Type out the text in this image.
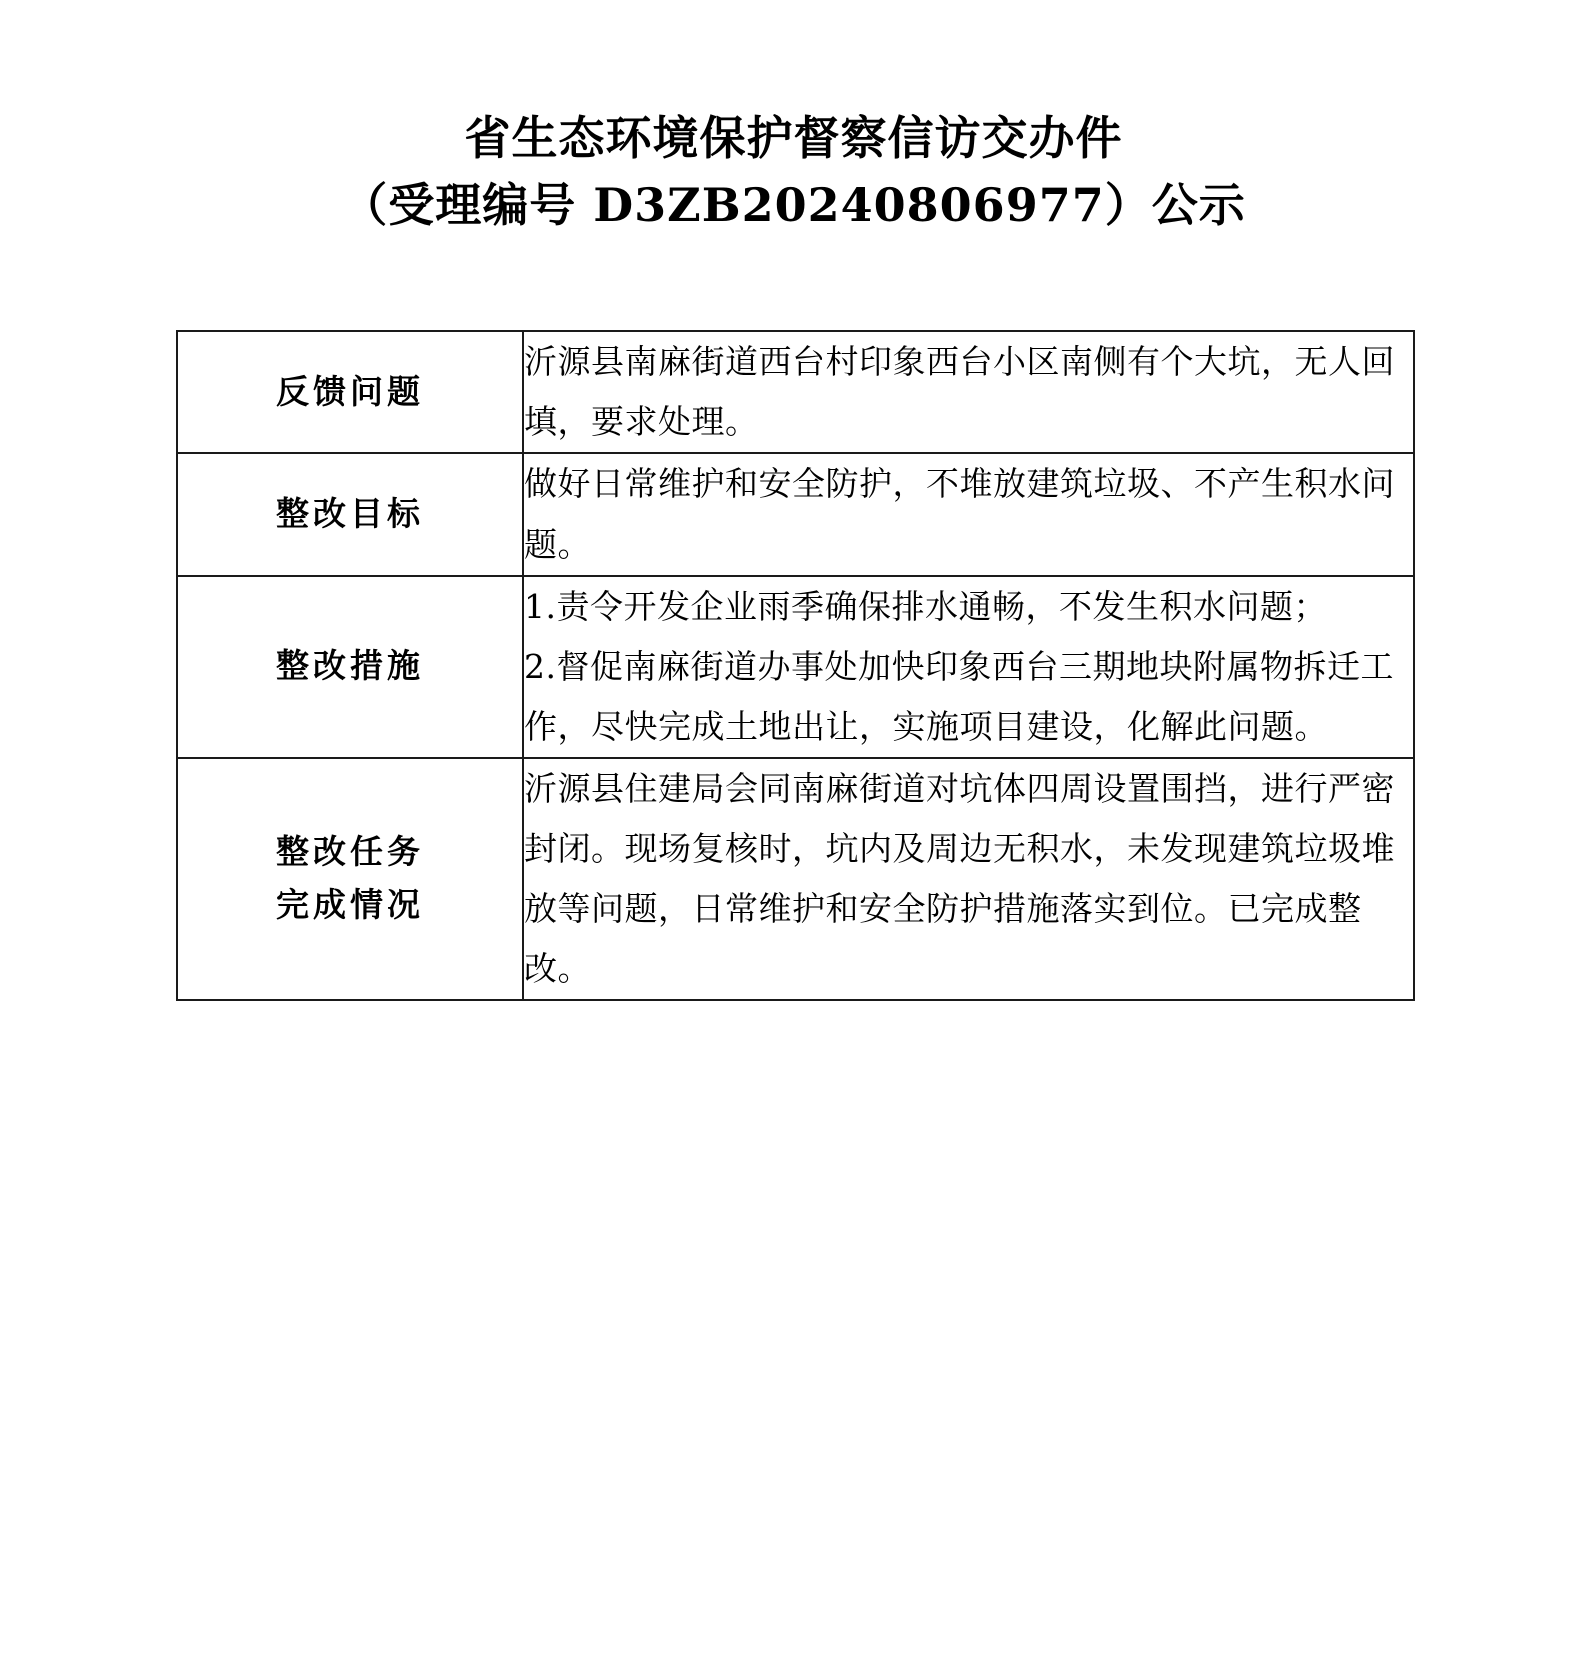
省生态环境保护督察信访交办件
（受理编号 D3ZB20240806977）公示
反馈问题	沂源县南麻街道西台村印象西台小区南侧有个大坑，无人回填，要求处理。

整改目标	做好日常维护和安全防护，不堆放建筑垃圾、不产生积水问题。

整改措施	1.责令开发企业雨季确保排水通畅，不发生积水问题；

2.督促南麻街道办事处加快印象西台三期地块附属物拆迁工作，尽快完成土地出让，实施项目建设，化解此问题。

整改任务
完成情况	沂源县住建局会同南麻街道对坑体四周设置围挡，进行严密封闭。现场复核时，坑内及周边无积水，未发现建筑垃圾堆放等问题，日常维护和安全防护措施落实到位。已完成整改。
